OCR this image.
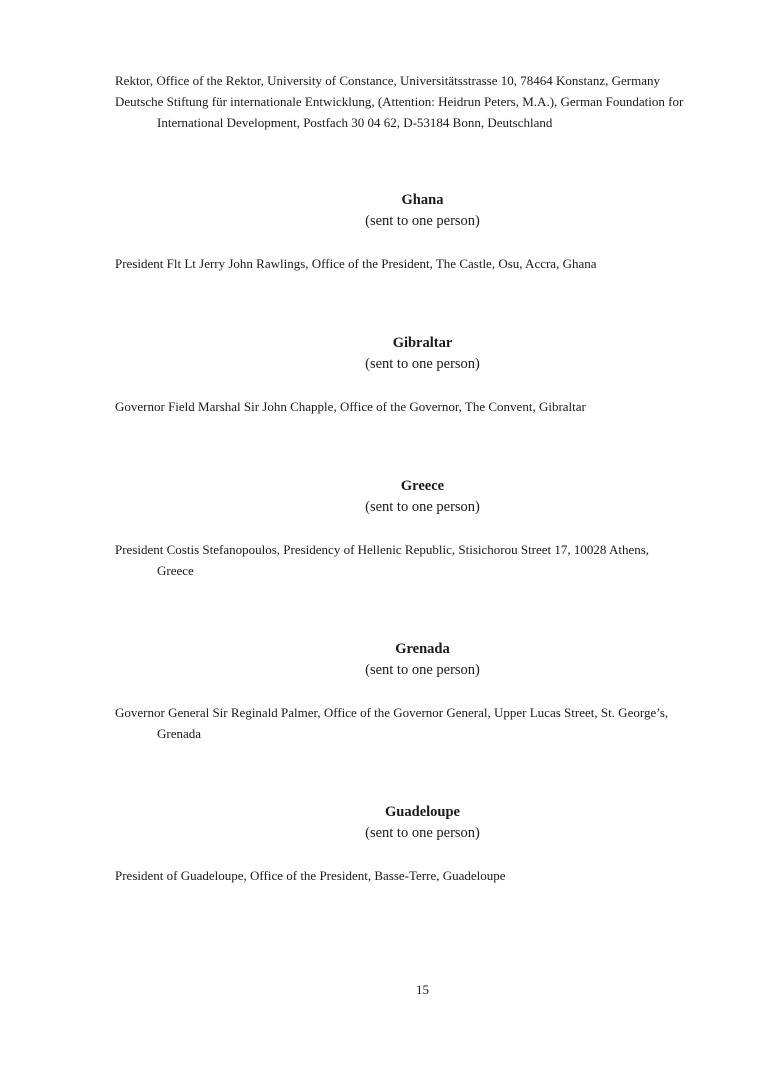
Rektor, Office of the Rektor, University of Constance, Universitätsstrasse 10, 78464 Konstanz, Germany
Deutsche Stiftung für internationale Entwicklung, (Attention: Heidrun Peters, M.A.), German Foundation for
International Development, Postfach 30 04 62, D-53184 Bonn, Deutschland
Ghana
(sent to one person)
President Flt Lt Jerry John Rawlings, Office of the President, The Castle, Osu, Accra, Ghana
Gibraltar
(sent to one person)
Governor Field Marshal Sir John Chapple, Office of the Governor, The Convent, Gibraltar
Greece
(sent to one person)
President Costis Stefanopoulos, Presidency of Hellenic Republic, Stisichorou Street 17, 10028 Athens,
Greece
Grenada
(sent to one person)
Governor General Sir Reginald Palmer, Office of the Governor General, Upper Lucas Street, St. George’s,
Grenada
Guadeloupe
(sent to one person)
President of Guadeloupe, Office of the President, Basse-Terre, Guadeloupe
15
